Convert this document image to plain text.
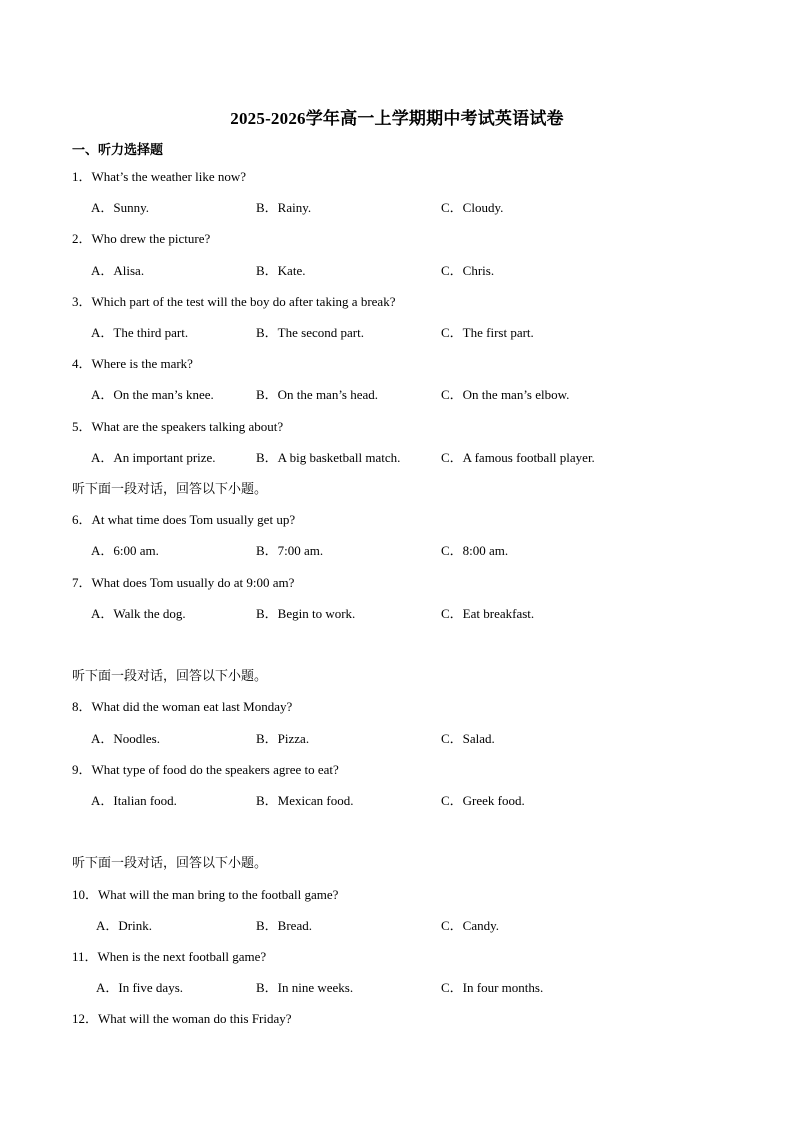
2025-2026学年高一上学期期中考试英语试卷
一、听力选择题
1．What’s the weather like now?
A．Sunny.	B．Rainy.	C．Cloudy.
2．Who drew the picture?
A．Alisa.	B．Kate.	C．Chris.
3．Which part of the test will the boy do after taking a break?
A．The third part.	B．The second part.	C．The first part.
4．Where is the mark?
A．On the man’s knee.	B．On the man’s head.	C．On the man’s elbow.
5．What are the speakers talking about?
A．An important prize.	B．A big basketball match.	C．A famous football player.
听下面一段对话，回答以下小题。
6．At what time does Tom usually get up?
A．6:00 am.	B．7:00 am.	C．8:00 am.
7．What does Tom usually do at 9:00 am?
A．Walk the dog.	B．Begin to work.	C．Eat breakfast.
听下面一段对话，回答以下小题。
8．What did the woman eat last Monday?
A．Noodles.	B．Pizza.	C．Salad.
9．What type of food do the speakers agree to eat?
A．Italian food.	B．Mexican food.	C．Greek food.
听下面一段对话，回答以下小题。
10．What will the man bring to the football game?
A．Drink.	B．Bread.	C．Candy.
11．When is the next football game?
A．In five days.	B．In nine weeks.	C．In four months.
12．What will the woman do this Friday?
